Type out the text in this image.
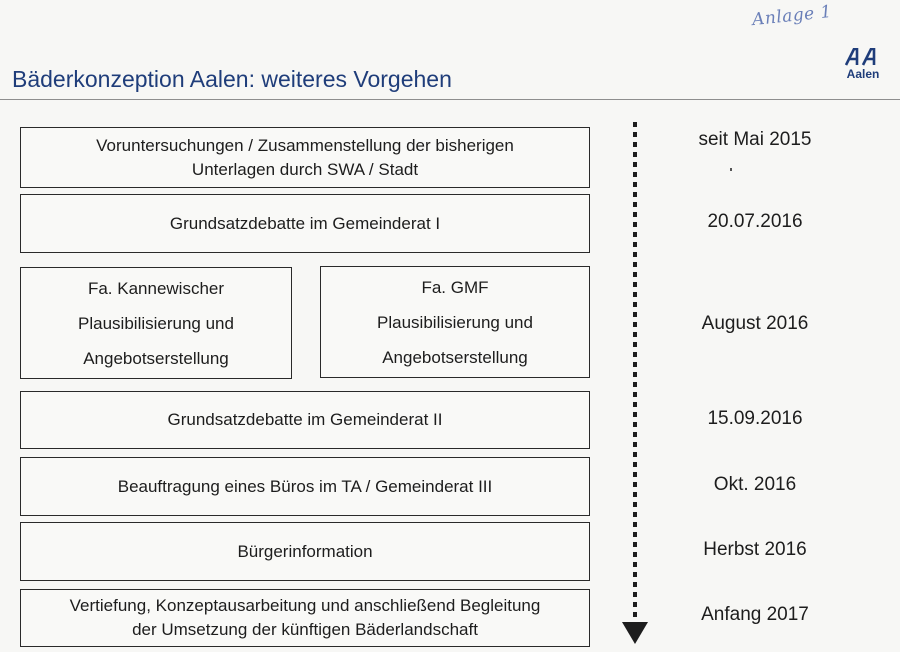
Anlage 1
Bäderkonzeption Aalen: weiteres Vorgehen	Aalen
Voruntersuchungen / Zusammenstellung der bisherigen
Unterlagen durch SWA / Stadt
seit Mai 2015
Grundsatzdebatte im Gemeinderat I	20.07.2016
Fa. Kannewischer
Plausibilisierung und
Angebotserstellung
Fa. GMF
Plausibilisierung und
Angebotserstellung
August 2016
Grundsatzdebatte im Gemeinderat II	15.09.2016
Beauftragung eines Büros im TA / Gemeinderat III	Okt. 2016
Bürgerinformation	Herbst 2016
Vertiefung, Konzeptausarbeitung und anschließend Begleitung
der Umsetzung der künftigen Bäderlandschaft
Anfang 2017
